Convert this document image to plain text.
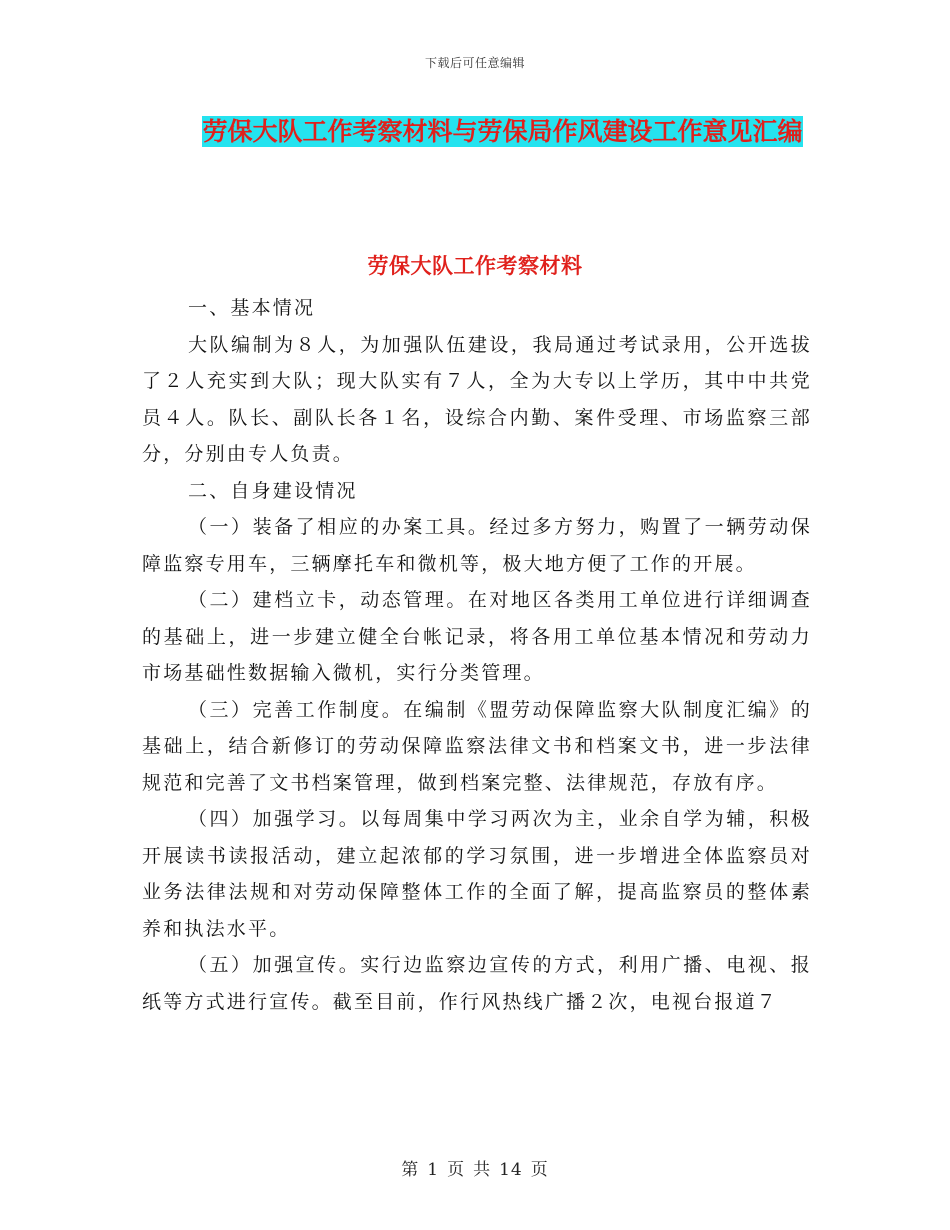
下载后可任意编辑
劳保大队工作考察材料与劳保局作风建设工作意见汇编
劳保大队工作考察材料

一、基本情况

大队编制为８人，为加强队伍建设，我局通过考试录用，公开选拔了２人充实到大队；现大队实有７人，全为大专以上学历，其中中共党员４人。队长、副队长各１名，设综合内勤、案件受理、市场监察三部分，分别由专人负责。

二、自身建设情况

（一）装备了相应的办案工具。经过多方努力，购置了一辆劳动保障监察专用车，三辆摩托车和微机等，极大地方便了工作的开展。

（二）建档立卡，动态管理。在对地区各类用工单位进行详细调查的基础上，进一步建立健全台帐记录，将各用工单位基本情况和劳动力市场基础性数据输入微机，实行分类管理。

（三）完善工作制度。在编制《盟劳动保障监察大队制度汇编》的基础上，结合新修订的劳动保障监察法律文书和档案文书，进一步法律规范和完善了文书档案管理，做到档案完整、法律规范，存放有序。

（四）加强学习。以每周集中学习两次为主，业余自学为辅，积极开展读书读报活动，建立起浓郁的学习氛围，进一步增进全体监察员对业务法律法规和对劳动保障整体工作的全面了解，提高监察员的整体素养和执法水平。

（五）加强宣传。实行边监察边宣传的方式，利用广播、电视、报纸等方式进行宣传。截至目前，作行风热线广播２次，电视台报道７

第 1 页 共 14 页
